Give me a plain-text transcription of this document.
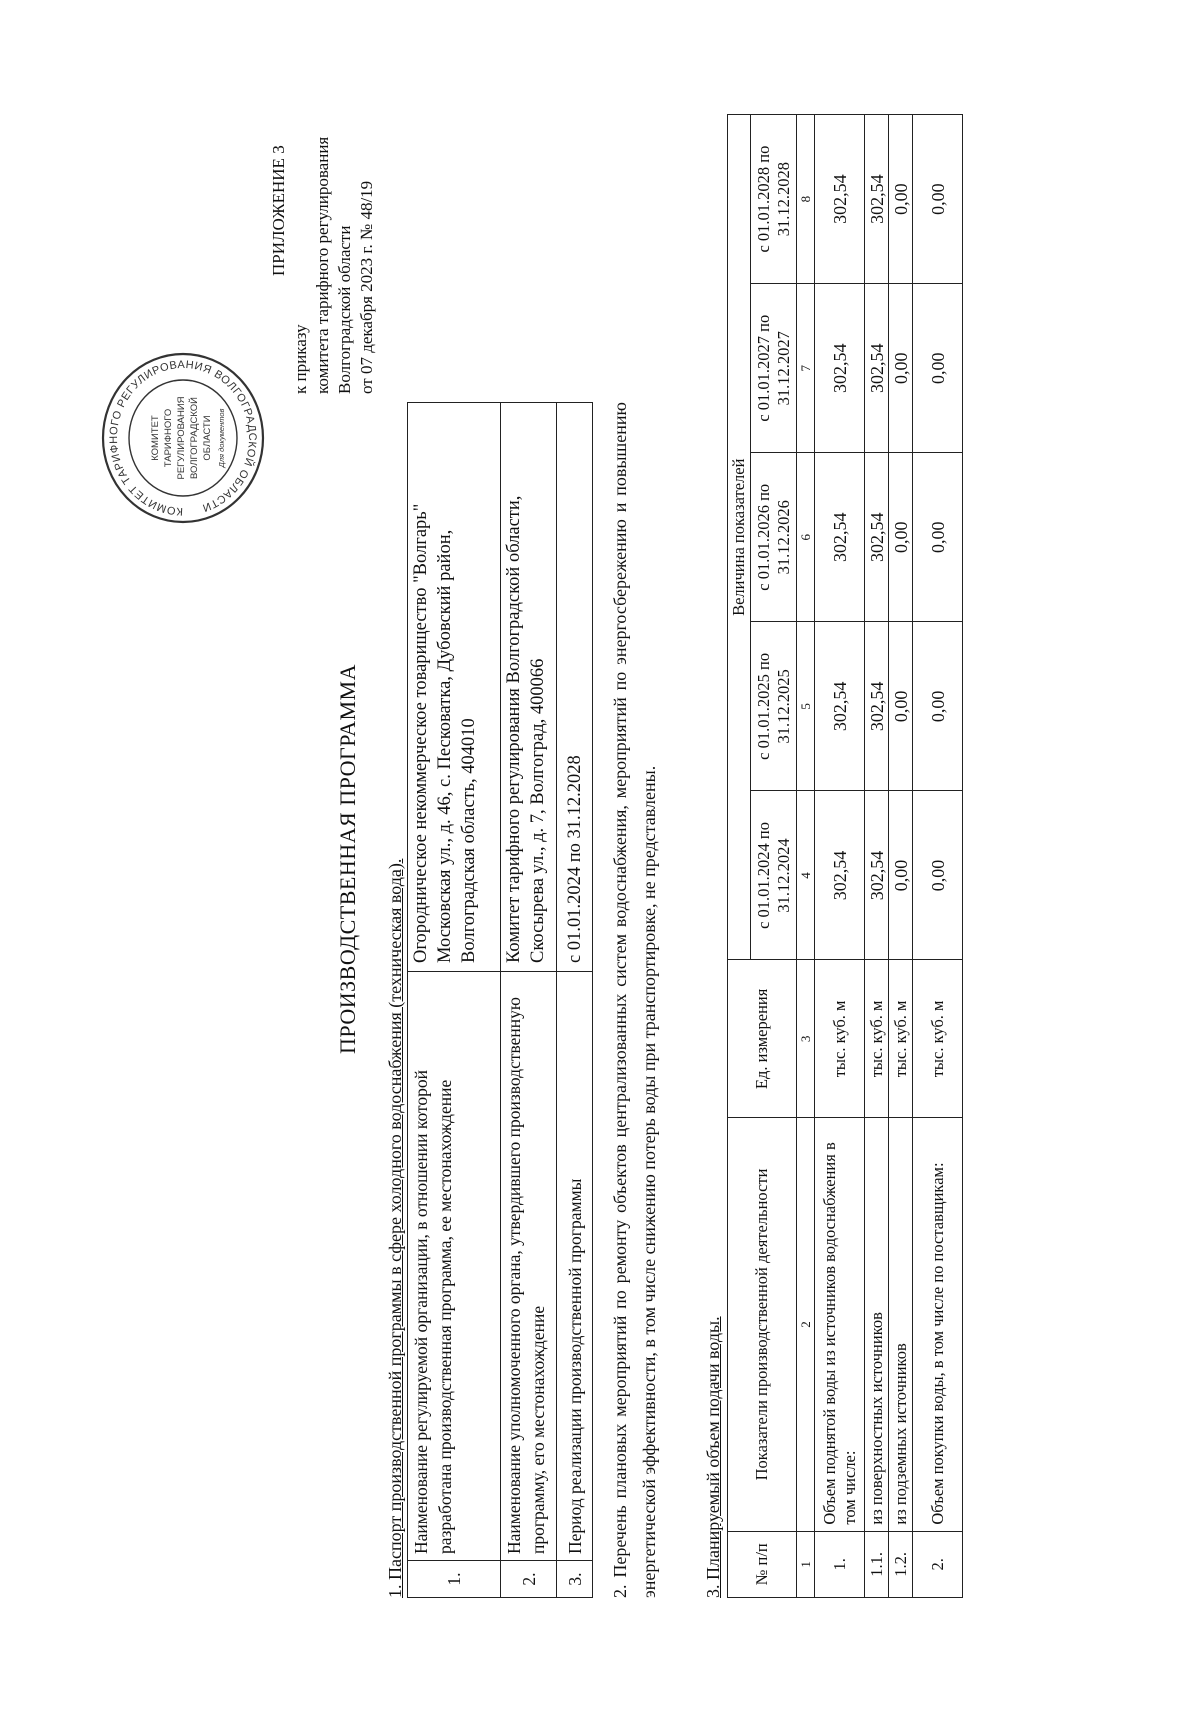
ПРИЛОЖЕНИЕ 3
к приказу комитета тарифного регулирования Волгоградской области от 07 декабря 2023 г. № 48/19
КОМИТЕТ ТАРИФНОГО РЕГУЛИРОВАНИЯ ВОЛГОГРАДСКОЙ ОБЛАСТИ
КОМИТЕТ ТАРИФНОГО РЕГУЛИРОВАНИЯ ВОЛГОГРАДСКОЙ ОБЛАСТИ Для документов
ПРОИЗВОДСТВЕННАЯ ПРОГРАММА 1. Паспорт производственной программы в сфере холодного водоснабжения (техническая вода). 1.	Наименование регулируемой организации, в отношении которой разработана производственная программа, ее местонахождение	Огородническое некоммерческое товарищество "Волгарь" Московская ул., д. 46, с. Песковатка, Дубовский район, Волгоградская область, 404010
2.	Наименование уполномоченного органа, утвердившего производственную программу, его местонахождение	Комитет тарифного регулирования Волгоградской области, Скосырева ул., д. 7, Волгоград, 400066
3.	Период реализации производственной программы	с 01.01.2024 по 31.12.2028 2. Перечень плановых мероприятий по ремонту объектов централизованных систем водоснабжения, мероприятий по энергосбережению и повышению энергетической эффективности, в том числе снижению потерь воды при транспортировке, не представлены. 3. Планируемый объем подачи воды. № п/п	Показатели производственной деятельности	Ед. измерения	Величина показателей				
			с 01.01.2024 по 31.12.2024	с 01.01.2025 по 31.12.2025	с 01.01.2026 по 31.12.2026	с 01.01.2027 по 31.12.2027	с 01.01.2028 по 31.12.2028
1	2	3	4	5	6	7	8
1.	Объем поднятой воды из источников водоснабжения в том числе:	тыс. куб. м	302,54	302,54	302,54	302,54	302,54
1.1.	из поверхностных источников	тыс. куб. м	302,54	302,54	302,54	302,54	302,54
1.2.	из подземных источников	тыс. куб. м	0,00	0,00	0,00	0,00	0,00
2.	Объем покупки воды, в том числе по поставщикам:	тыс. куб. м	0,00	0,00	0,00	0,00	0,00
